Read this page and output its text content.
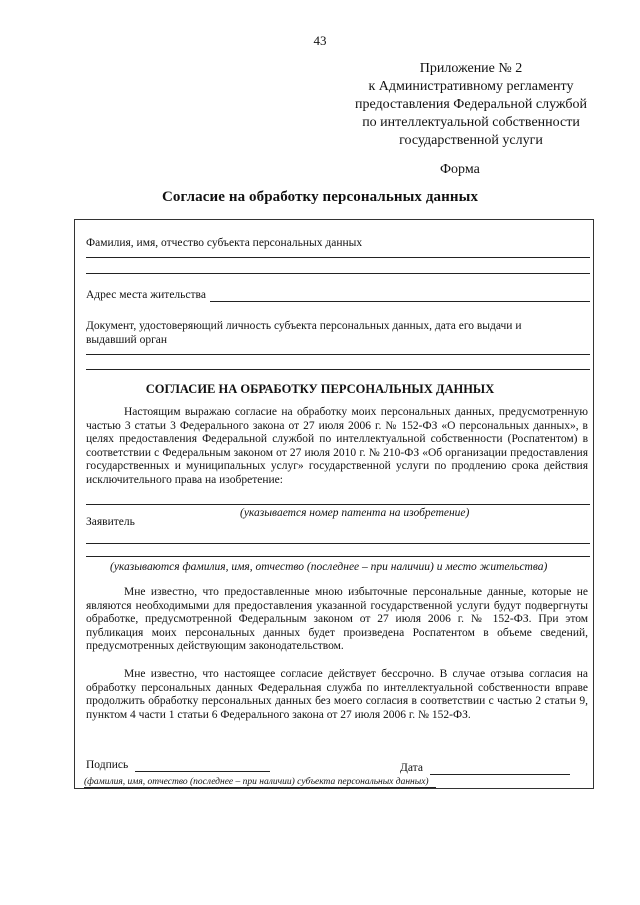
43
Приложение № 2
к Административному регламенту
предоставления Федеральной службой
по интеллектуальной собственности
государственной услуги
Форма
Согласие на обработку персональных данных
Фамилия, имя, отчество субъекта персональных данных
Адрес места жительства
Документ, удостоверяющий личность субъекта персональных данных, дата его выдачи и
выдавший орган
СОГЛАСИЕ НА ОБРАБОТКУ ПЕРСОНАЛЬНЫХ ДАННЫХ
Настоящим выражаю согласие на обработку моих персональных данных, предусмотренную частью 3 статьи 3 Федерального закона от 27 июля 2006 г. № 152-ФЗ «О персональных данных», в целях предоставления Федеральной службой по интеллектуальной собственности (Роспатентом) в соответствии с Федеральным законом от 27 июля 2010 г. № 210-ФЗ «Об организации предоставления государственных и муниципальных услуг» государственной услуги по продлению срока действия исключительного права на изобретение:
(указывается номер патента на изобретение)
Заявитель
(указываются фамилия, имя, отчество (последнее – при наличии) и место жительства)
Мне известно, что предоставленные мною избыточные персональные данные, которые не являются необходимыми для предоставления указанной государственной услуги будут подвергнуты обработке, предусмотренной Федеральным законом от 27 июля 2006 г. № 152-ФЗ. При этом публикация моих персональных данных будет произведена Роспатентом в объеме сведений, предусмотренных действующим законодательством.
Мне известно, что настоящее согласие действует бессрочно. В случае отзыва согласия на обработку персональных данных Федеральная служба по интеллектуальной собственности вправе продолжить обработку персональных данных без моего согласия в соответствии с частью 2 статьи 9, пунктом 4 части 1 статьи 6 Федерального закона от 27 июля 2006 г. № 152-ФЗ.
Подпись	Дата
(фамилия, имя, отчество (последнее – при наличии) субъекта персональных данных)
